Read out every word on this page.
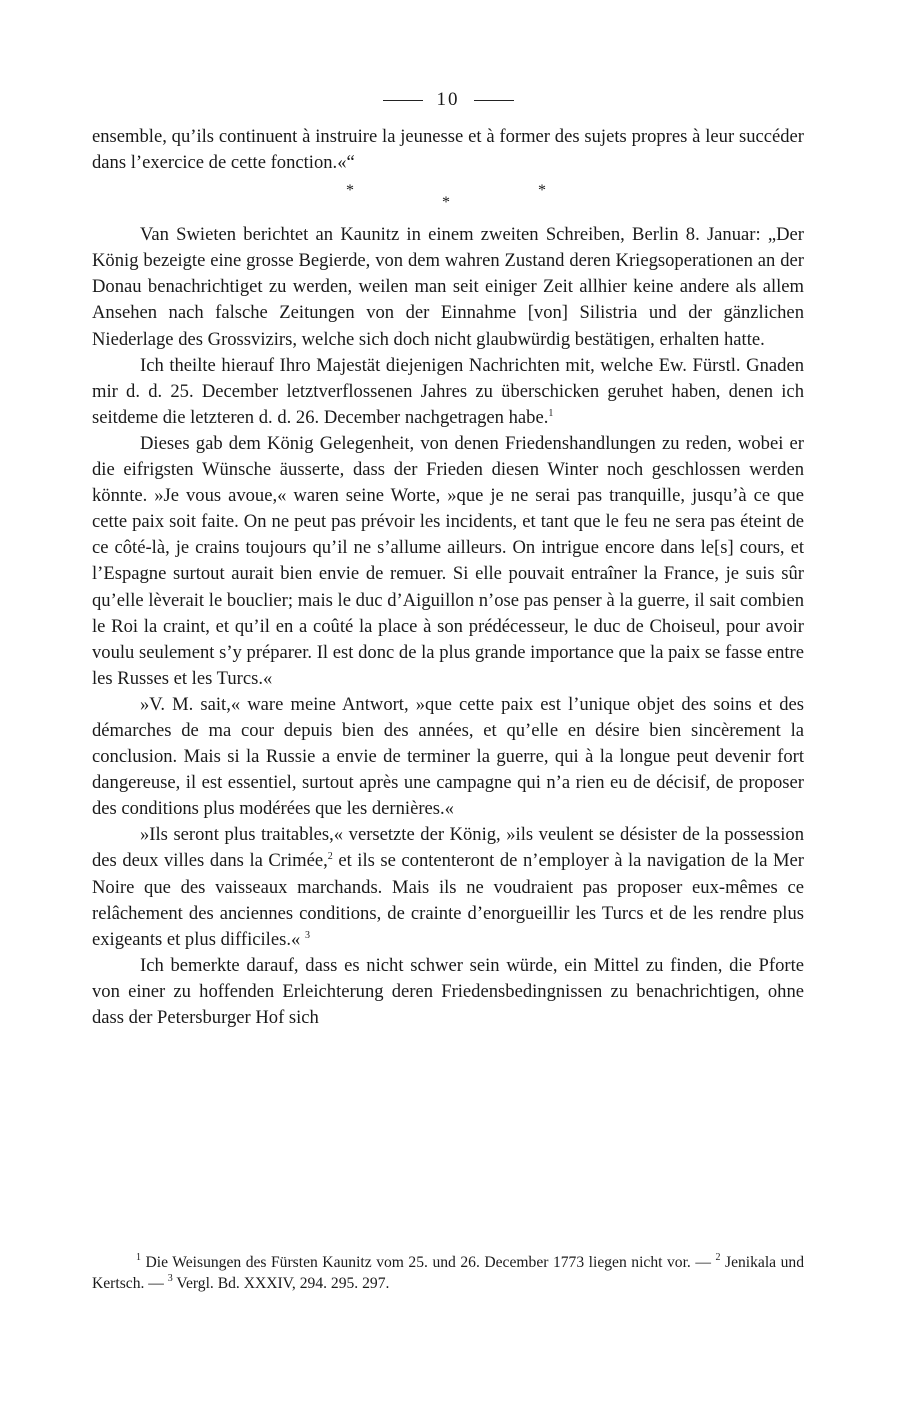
10

ensemble, qu’ils continuent à instruire la jeunesse et à former des sujets propres à leur succéder dans l’exercice de cette fonction.«“

*
*
*

Van Swieten berichtet an Kaunitz in einem zweiten Schreiben, Berlin 8. Januar: „Der König bezeigte eine grosse Begierde, von dem wahren Zustand deren Kriegsoperationen an der Donau benachrichtiget zu werden, weilen man seit einiger Zeit allhier keine andere als allem Ansehen nach falsche Zeitungen von der Einnahme [von] Silistria und der gänzlichen Niederlage des Grossvizirs, welche sich doch nicht glaubwürdig bestätigen, erhalten hatte.

Ich theilte hierauf Ihro Majestät diejenigen Nachrichten mit, welche Ew. Fürstl. Gnaden mir d. d. 25. December letztverflossenen Jahres zu überschicken geruhet haben, denen ich seitdeme die letzteren d. d. 26. December nachgetragen habe.$^1$

Dieses gab dem König Gelegenheit, von denen Friedenshandlungen zu reden, wobei er die eifrigsten Wünsche äusserte, dass der Frieden diesen Winter noch geschlossen werden könnte. »Je vous avoue,« waren seine Worte, »que je ne serai pas tranquille, jusqu’à ce que cette paix soit faite. On ne peut pas prévoir les incidents, et tant que le feu ne sera pas éteint de ce côté-là, je crains toujours qu’il ne s’allume ailleurs. On intrigue encore dans le[s] cours, et l’Espagne surtout aurait bien envie de remuer. Si elle pouvait entraîner la France, je suis sûr qu’elle lèverait le bouclier; mais le duc d’Aiguillon n’ose pas penser à la guerre, il sait combien le Roi la craint, et qu’il en a coûté la place à son prédécesseur, le duc de Choiseul, pour avoir voulu seulement s’y préparer. Il est donc de la plus grande importance que la paix se fasse entre les Russes et les Turcs.«

»V. M. sait,« ware meine Antwort, »que cette paix est l’unique objet des soins et des démarches de ma cour depuis bien des années, et qu’elle en désire bien sincèrement la conclusion. Mais si la Russie a envie de terminer la guerre, qui à la longue peut devenir fort dangereuse, il est essentiel, surtout après une campagne qui n’a rien eu de décisif, de proposer des conditions plus modérées que les dernières.«

»Ils seront plus traitables,« versetzte der König, »ils veulent se désister de la possession des deux villes dans la Crimée,$^2$ et ils se contenteront de n’employer à la navigation de la Mer Noire que des vaisseaux marchands. Mais ils ne voudraient pas proposer eux-mêmes ce relâchement des anciennes conditions, de crainte d’enorgueillir les Turcs et de les rendre plus exigeants et plus difficiles.« $^3$

Ich bemerkte darauf, dass es nicht schwer sein würde, ein Mittel zu finden, die Pforte von einer zu hoffenden Erleichterung deren Friedensbedingnissen zu benachrichtigen, ohne dass der Petersburger Hof sich

$^1$ Die Weisungen des Fürsten Kaunitz vom 25. und 26. December 1773 liegen nicht vor. — $^2$ Jenikala und Kertsch. — $^3$ Vergl. Bd. XXXIV, 294. 295. 297.
